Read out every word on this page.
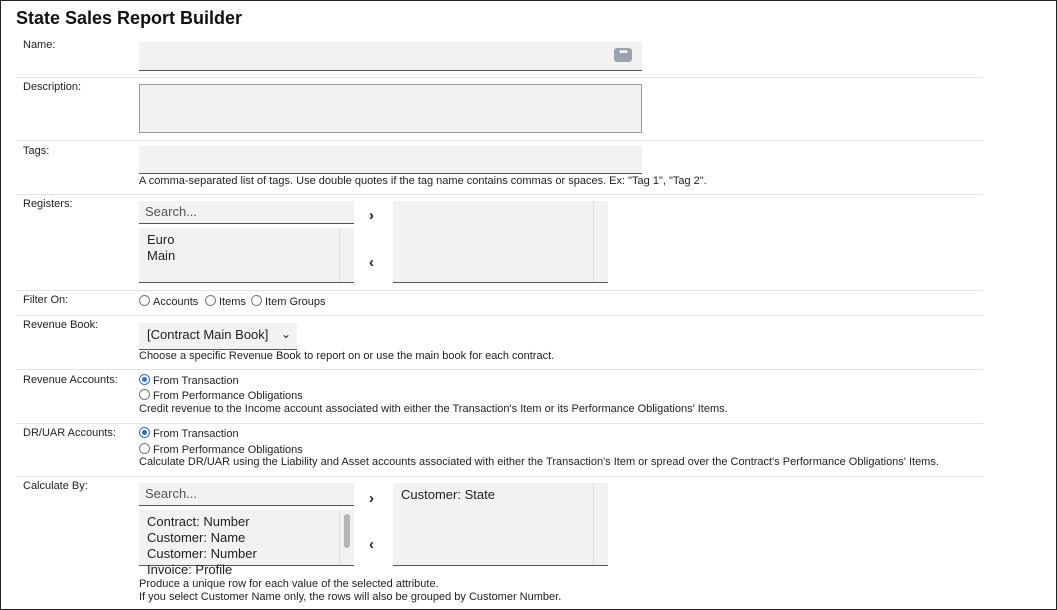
State Sales Report Builder
Name:
•••
Description:
Tags:
A comma-separated list of tags. Use double quotes if the tag name contains commas or spaces. Ex: "Tag 1", "Tag 2".
Registers:	Search...
Euro
Main
›
‹
Filter On:	Accounts	Items	Item Groups
Revenue Book:
[Contract Main Book] ⌄
Choose a specific Revenue Book to report on or use the main book for each contract.
Revenue Accounts:	From Transaction
From Performance Obligations
Credit revenue to the Income account associated with either the Transaction's Item or its Performance Obligations' Items.
DR/UAR Accounts:	From Transaction
From Performance Obligations
Calculate DR/UAR using the Liability and Asset accounts associated with either the Transaction's Item or spread over the Contract's Performance Obligations' Items.
Calculate By:	Search...
Contract: Number
Customer: Name
Customer: Number
Invoice: Profile
›
‹
Customer: State
Produce a unique row for each value of the selected attribute.
If you select Customer Name only, the rows will also be grouped by Customer Number.
